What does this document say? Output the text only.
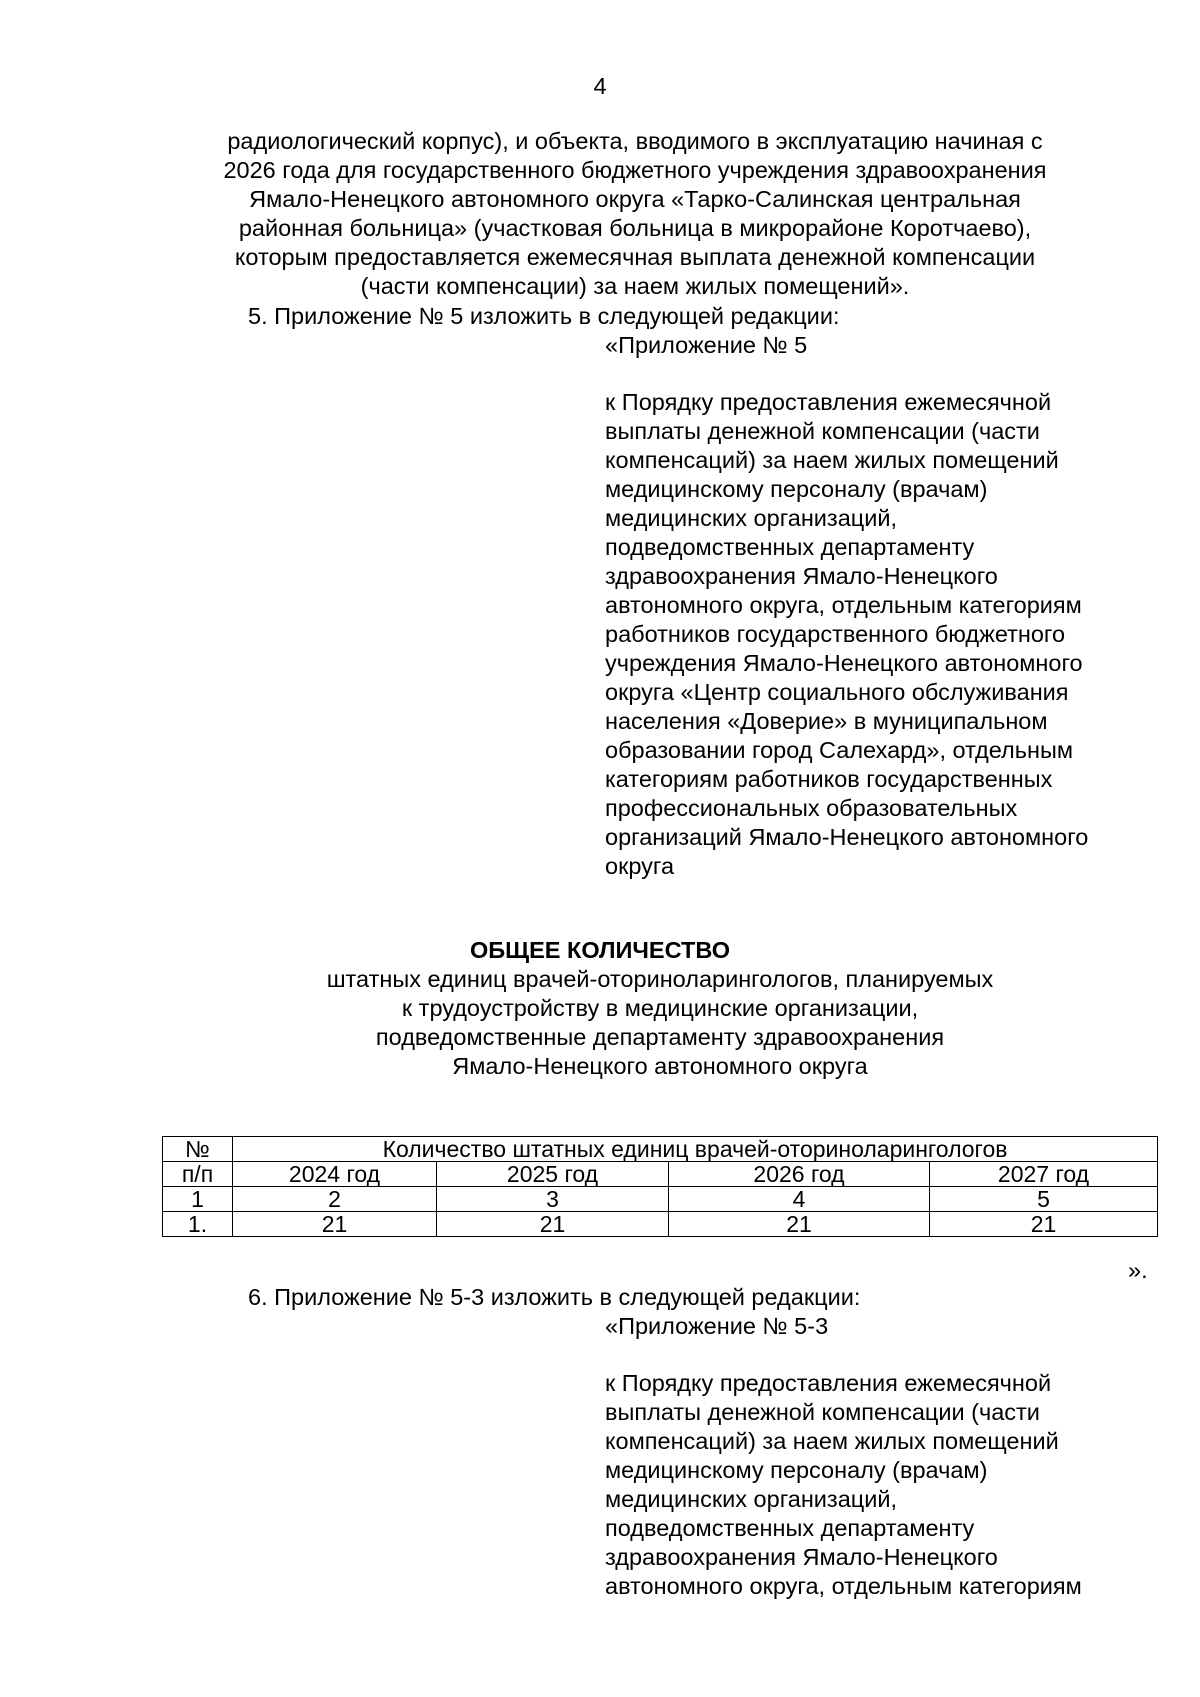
4
радиологический корпус), и объекта, вводимого в эксплуатацию начиная с
2026 года для государственного бюджетного учреждения здравоохранения
Ямало-Ненецкого автономного округа «Тарко-Салинская центральная
районная больница» (участковая больница в микрорайоне Коротчаево),
которым предоставляется ежемесячная выплата денежной компенсации
(части компенсации) за наем жилых помещений».
5. Приложение № 5 изложить в следующей редакции:
«Приложение № 5
к Порядку предоставления ежемесячной
выплаты денежной компенсации (части
компенсаций) за наем жилых помещений
медицинскому персоналу (врачам)
медицинских организаций,
подведомственных департаменту
здравоохранения Ямало-Ненецкого
автономного округа, отдельным категориям
работников государственного бюджетного
учреждения Ямало-Ненецкого автономного
округа «Центр социального обслуживания
населения «Доверие» в муниципальном
образовании город Салехард», отдельным
категориям работников государственных
профессиональных образовательных
организаций Ямало-Ненецкого автономного
округа
ОБЩЕЕ КОЛИЧЕСТВО
штатных единиц врачей-оториноларингологов, планируемых
к трудоустройству в медицинские организации,
подведомственные департаменту здравоохранения
Ямало-Ненецкого автономного округа
№	Количество штатных единиц врачей-оториноларингологов			
п/п	2024 год	2025 год	2026 год	2027 год
1	2	3	4	5
1.	21	21	21	21
».
6. Приложение № 5-3 изложить в следующей редакции:
«Приложение № 5-3
к Порядку предоставления ежемесячной
выплаты денежной компенсации (части
компенсаций) за наем жилых помещений
медицинскому персоналу (врачам)
медицинских организаций,
подведомственных департаменту
здравоохранения Ямало-Ненецкого
автономного округа, отдельным категориям
